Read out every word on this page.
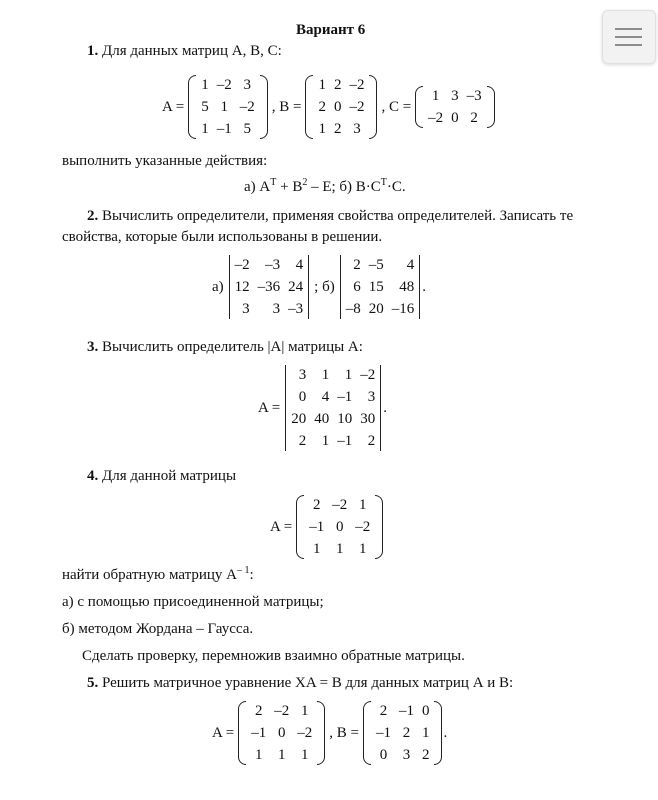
Вариант 6
1. Для данных матриц А, В, С:
A =
1	–2	3
5	1	–2
1	–1	5
, B =
1	2	–2
2	0	–2
1	2	3
, C =
1	3	–3
–2	0	2
выполнить указанные действия:
а) $A^T + B^2 - E$; б) $B\cdot C^T\cdot C$.
2. Вычислить определители, применяя свойства определителей. Записать те
свойства, которые были использованы в решении.
а)
–2	–3	4
12	–36	24
3	3	–3
; б)
2	–5	4
6	15	48
–8	20	–16
.
3. Вычислить определитель |A| матрицы А:
A =
3	1	1	–2
0	4	–1	3
20	40	10	30
2	1	–1	2
.
4. Для данной матрицы
A =
2	–2	1
–1	0	–2
1	1	1
найти обратную матрицу $A^{- 1}$:
а) с помощью присоединенной матрицы;
б) методом Жордана – Гаусса.
Сделать проверку, перемножив взаимно обратные матрицы.
5. Решить матричное уравнение XA = B для данных матриц А и В:
A =
2	–2	1
–1	0	–2
1	1	1
, B =
2	–1	0
–1	2	1
0	3	2
.
